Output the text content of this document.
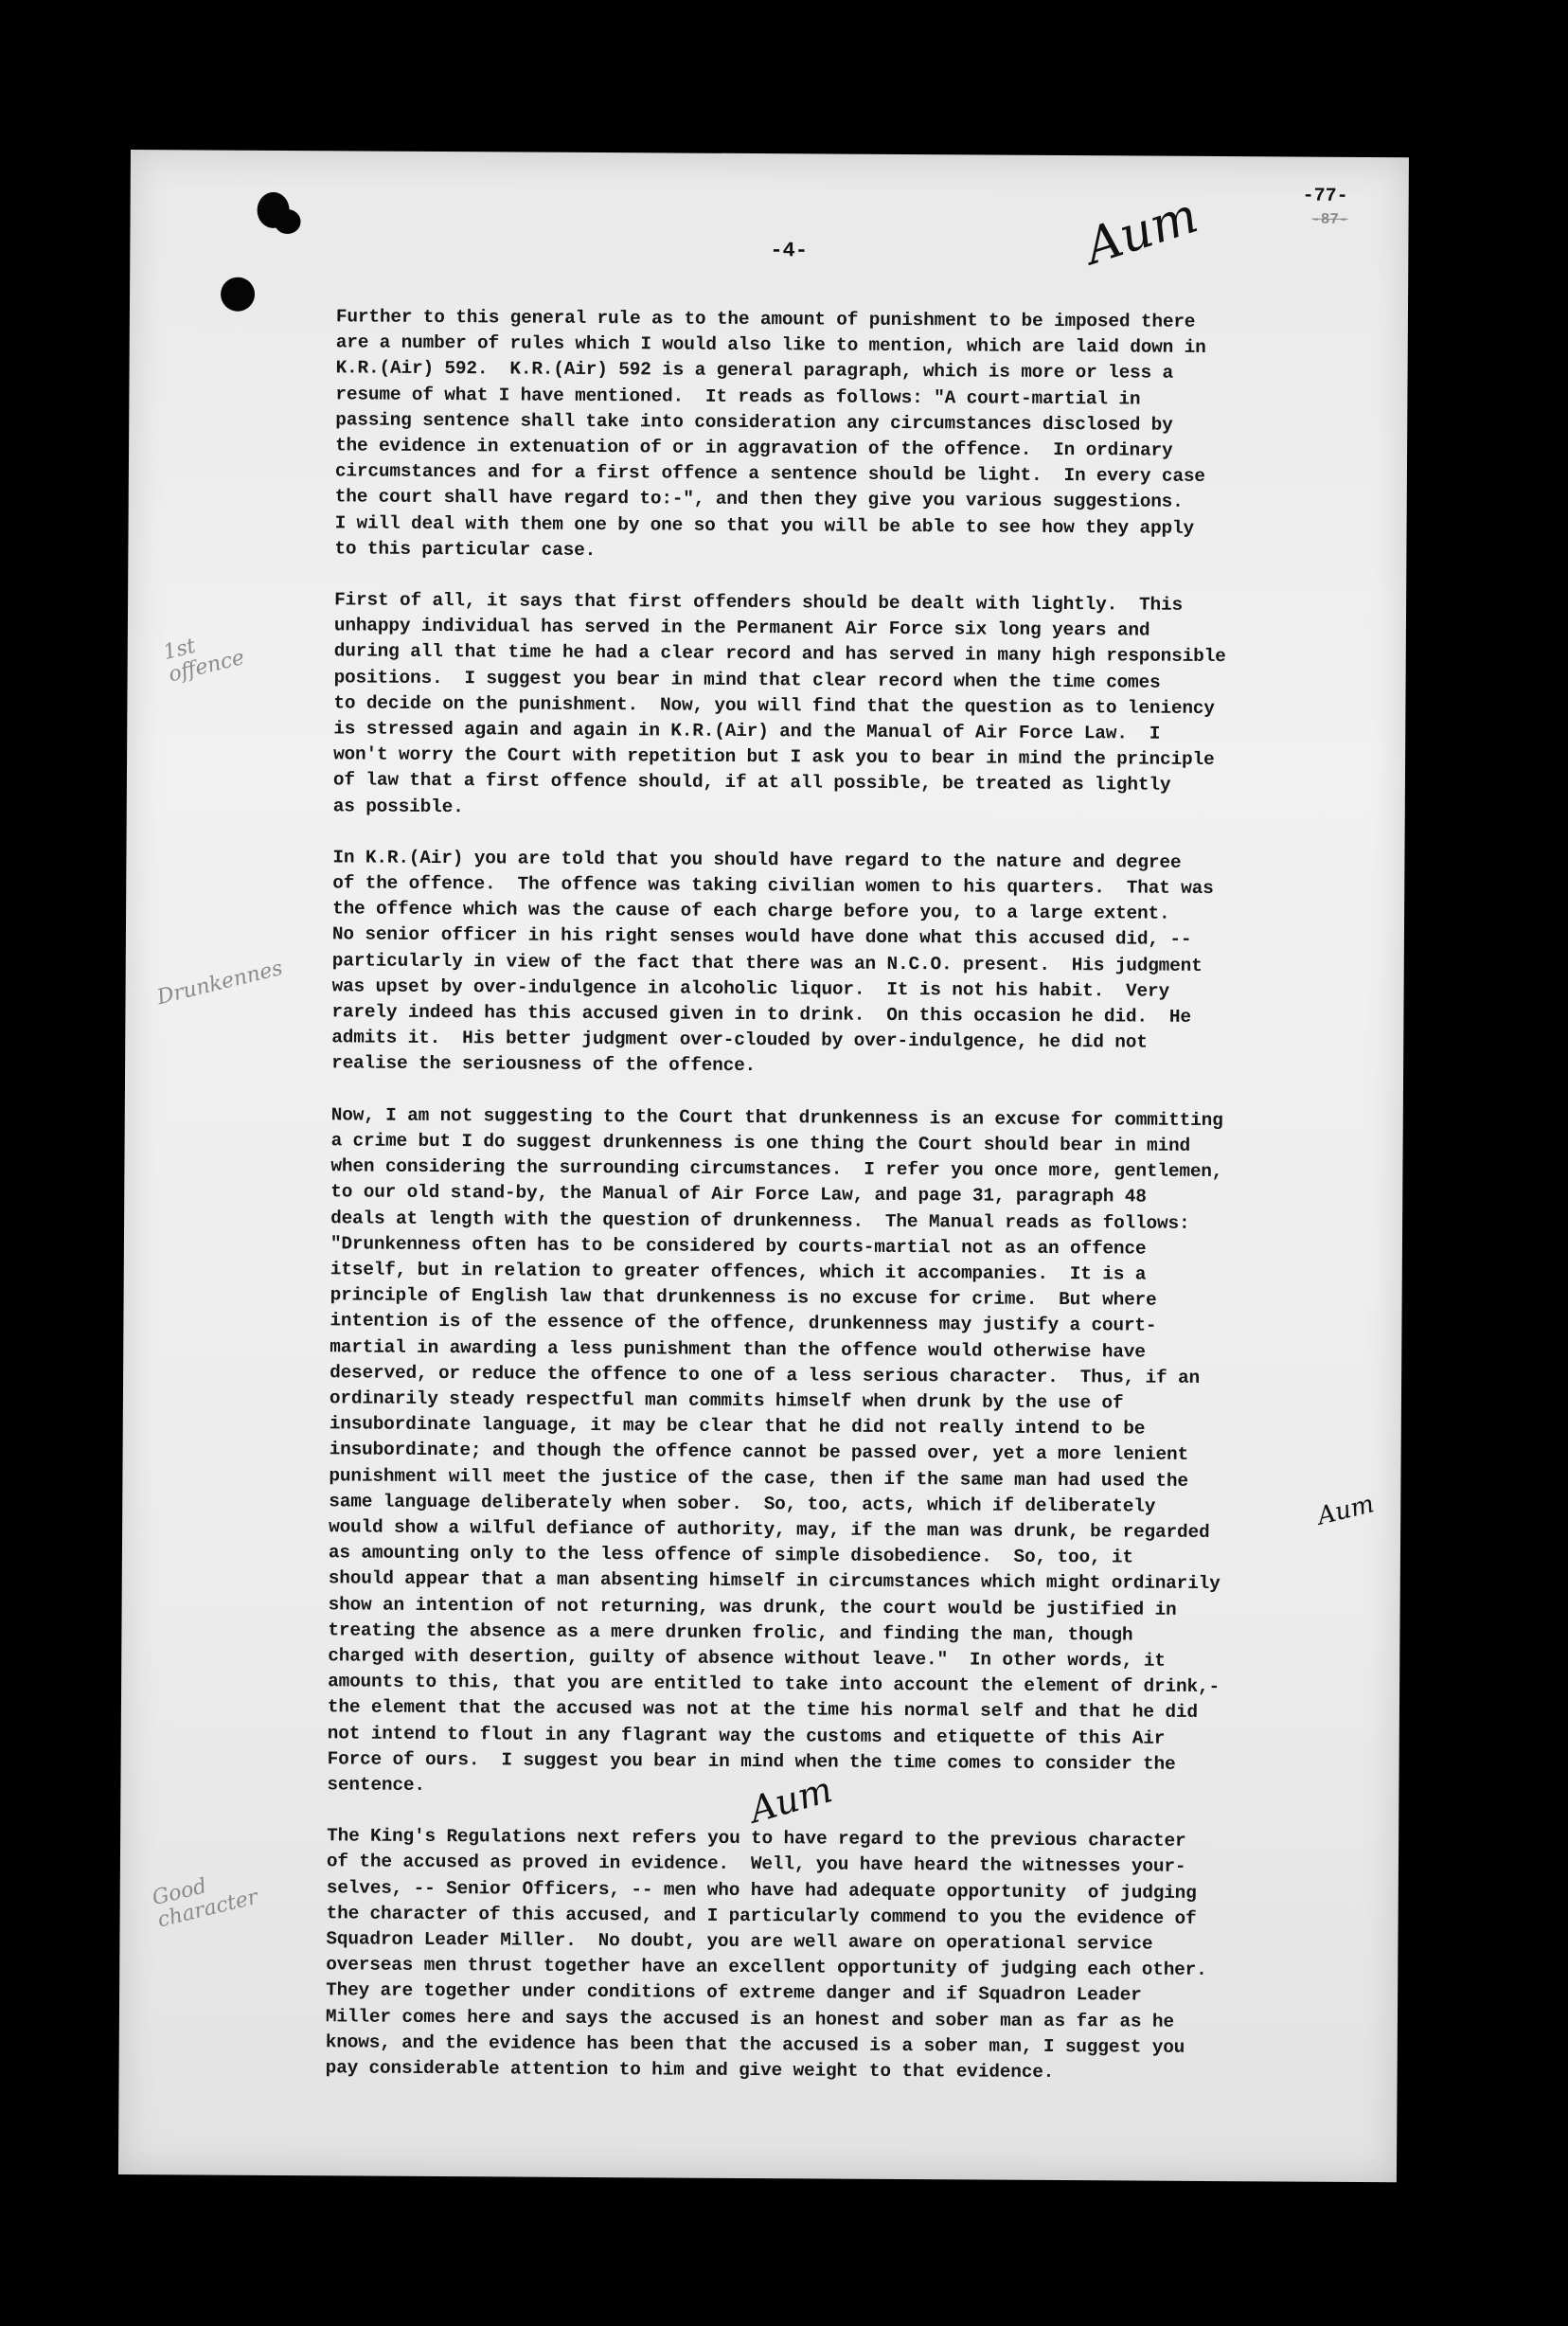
-4-
-77-
-87-
Aum
1st
offence
Drunkennes
Good
character
Aum
Aum
Further to this general rule as to the amount of punishment to be imposed there
are a number of rules which I would also like to mention, which are laid down in
K.R.(Air) 592.  K.R.(Air) 592 is a general paragraph, which is more or less a
resume of what I have mentioned.  It reads as follows: "A court-martial in
passing sentence shall take into consideration any circumstances disclosed by
the evidence in extenuation of or in aggravation of the offence.  In ordinary
circumstances and for a first offence a sentence should be light.  In every case
the court shall have regard to:-", and then they give you various suggestions.
I will deal with them one by one so that you will be able to see how they apply
to this particular case.
First of all, it says that first offenders should be dealt with lightly.  This
unhappy individual has served in the Permanent Air Force six long years and
during all that time he had a clear record and has served in many high responsible
positions.  I suggest you bear in mind that clear record when the time comes
to decide on the punishment.  Now, you will find that the question as to leniency
is stressed again and again in K.R.(Air) and the Manual of Air Force Law.  I
won't worry the Court with repetition but I ask you to bear in mind the principle
of law that a first offence should, if at all possible, be treated as lightly
as possible.
In K.R.(Air) you are told that you should have regard to the nature and degree
of the offence.  The offence was taking civilian women to his quarters.  That was
the offence which was the cause of each charge before you, to a large extent.
No senior officer in his right senses would have done what this accused did, --
particularly in view of the fact that there was an N.C.O. present.  His judgment
was upset by over-indulgence in alcoholic liquor.  It is not his habit.  Very
rarely indeed has this accused given in to drink.  On this occasion he did.  He
admits it.  His better judgment over-clouded by over-indulgence, he did not
realise the seriousness of the offence.
Now, I am not suggesting to the Court that drunkenness is an excuse for committing
a crime but I do suggest drunkenness is one thing the Court should bear in mind
when considering the surrounding circumstances.  I refer you once more, gentlemen,
to our old stand-by, the Manual of Air Force Law, and page 31, paragraph 48
deals at length with the question of drunkenness.  The Manual reads as follows:
"Drunkenness often has to be considered by courts-martial not as an offence
itself, but in relation to greater offences, which it accompanies.  It is a
principle of English law that drunkenness is no excuse for crime.  But where
intention is of the essence of the offence, drunkenness may justify a court-
martial in awarding a less punishment than the offence would otherwise have
deserved, or reduce the offence to one of a less serious character.  Thus, if an
ordinarily steady respectful man commits himself when drunk by the use of
insubordinate language, it may be clear that he did not really intend to be
insubordinate; and though the offence cannot be passed over, yet a more lenient
punishment will meet the justice of the case, then if the same man had used the
same language deliberately when sober.  So, too, acts, which if deliberately
would show a wilful defiance of authority, may, if the man was drunk, be regarded
as amounting only to the less offence of simple disobedience.  So, too, it
should appear that a man absenting himself in circumstances which might ordinarily
show an intention of not returning, was drunk, the court would be justified in
treating the absence as a mere drunken frolic, and finding the man, though
charged with desertion, guilty of absence without leave."  In other words, it
amounts to this, that you are entitled to take into account the element of drink,-
the element that the accused was not at the time his normal self and that he did
not intend to flout in any flagrant way the customs and etiquette of this Air
Force of ours.  I suggest you bear in mind when the time comes to consider the
sentence.
The King's Regulations next refers you to have regard to the previous character
of the accused as proved in evidence.  Well, you have heard the witnesses your-
selves, -- Senior Officers, -- men who have had adequate opportunity  of judging
the character of this accused, and I particularly commend to you the evidence of
Squadron Leader Miller.  No doubt, you are well aware on operational service
overseas men thrust together have an excellent opportunity of judging each other.
They are together under conditions of extreme danger and if Squadron Leader
Miller comes here and says the accused is an honest and sober man as far as he
knows, and the evidence has been that the accused is a sober man, I suggest you
pay considerable attention to him and give weight to that evidence.
